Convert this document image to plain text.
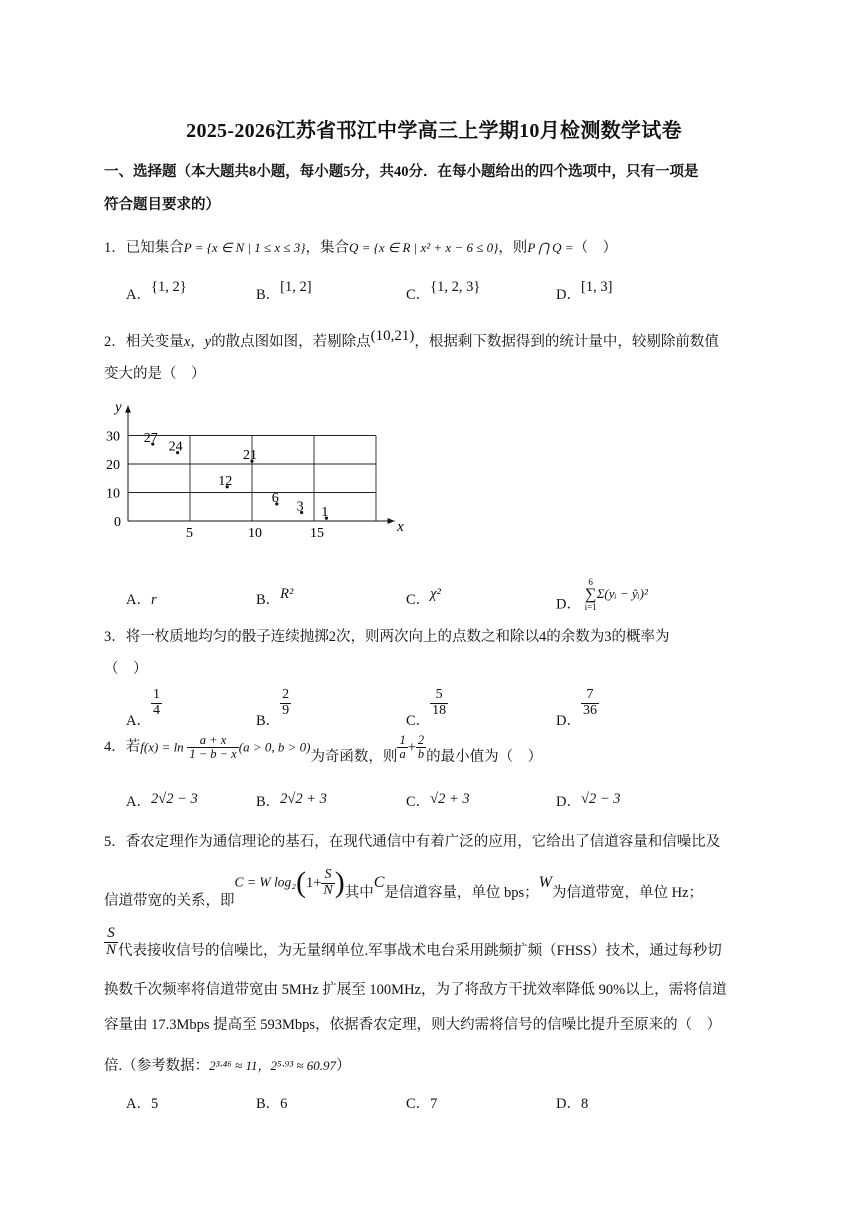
2025-2026江苏省邗江中学高三上学期10月检测数学试卷
一、选择题（本大题共8小题，每小题5分，共40分．在每小题给出的四个选项中，只有一项是
符合题目要求的）
1．已知集合P = {x ∈ N | 1 ≤ x ≤ 3}，集合Q = {x ∈ R | x² + x − 6 ≤ 0}，则P ⋂ Q =（　）
A．{1, 2}	B．[1, 2]	C．{1, 2, 3}	D．[1, 3]
2．相关变量x，y的散点图如图，若剔除点(10,21)，根据剩下数据得到的统计量中，较剔除前数值
变大的是（　）
x
y
5	10	15
0
10
20
30 27
24
21
12
6
3 1
A．r	B．R²	C．χ²
D．
6
∑
i=1
Σ(yᵢ − ŷᵢ)²
3．将一枚质地均匀的骰子连续抛掷2次，则两次向上的点数之和除以4的余数为3的概率为
（　）
A．
$\frac{1}{4}$
B．
$\frac{2}{9}$
C．
$\frac{5}{18}$
D．
$\frac{7}{36}$
4．若$f(x) = \ln \frac{a + x}{1 - b - x} (a > 0$, b > 0)为奇函数，则 $\frac{1}{a} + \frac{2}{b}$ 的最小值为（　）
A．2√2 − 3	B．2√2 + 3	C．√2 + 3	D．√2 − 3
5．香农定理作为通信理论的基石，在现代通信中有着广泛的应用，它给出了信道容量和信噪比及
信道带宽的关系，即C = W $\log_2(1+ \frac{S}{N}$ )其中C是信道容量，单位 bps；W为信道带宽，单位 Hz；
$\frac{S}{N}$ 代表接收信号的信噪比，为无量纲单位.军事战术电台采用跳频扩频（FHSS）技术，通过每秒切
换数千次频率将信道带宽由 5MHz 扩展至 100MHz，为了将敌方干扰效率降低 90%以上，需将信道
容量由 17.3Mbps 提高至 593Mbps，依据香农定理，则大约需将信号的信噪比提升至原来的（　）
倍.（参考数据：2³·⁴⁶ ≈ 11，2⁵·⁹³ ≈ 60.97）
A．5	B．6	C．7	D．8
